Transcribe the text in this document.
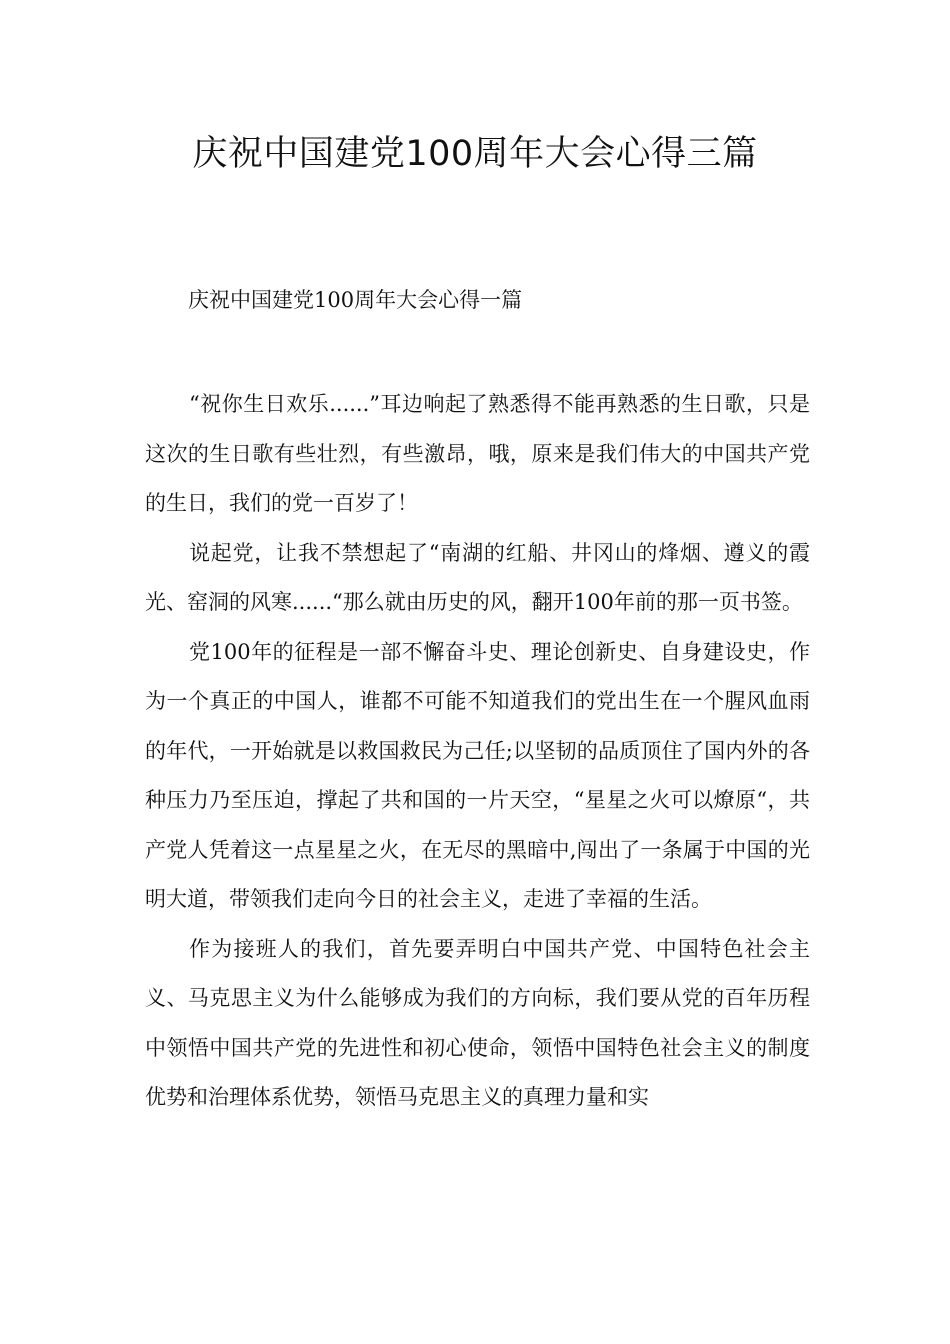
庆祝中国建党100周年大会心得三篇
庆祝中国建党100周年大会心得一篇

“祝你生日欢乐......”耳边响起了熟悉得不能再熟悉的生日歌，只是这次的生日歌有些壮烈，有些激昂，哦，原来是我们伟大的中国共产党的生日，我们的党一百岁了！

说起党，让我不禁想起了“南湖的红船、井冈山的烽烟、遵义的霞光、窑洞的风寒......“那么就由历史的风，翻开100年前的那一页书签。

党100年的征程是一部不懈奋斗史、理论创新史、自身建设史，作为一个真正的中国人，谁都不可能不知道我们的党出生在一个腥风血雨的年代，一开始就是以救国救民为己任;以坚韧的品质顶住了国内外的各种压力乃至压迫，撑起了共和国的一片天空，“星星之火可以燎原“，共产党人凭着这一点星星之火，在无尽的黑暗中,闯出了一条属于中国的光明大道，带领我们走向今日的社会主义，走进了幸福的生活。

作为接班人的我们，首先要弄明白中国共产党、中国特色社会主义、马克思主义为什么能够成为我们的方向标，我们要从党的百年历程中领悟中国共产党的先进性和初心使命，领悟中国特色社会主义的制度优势和治理体系优势，领悟马克思主义的真理力量和实
